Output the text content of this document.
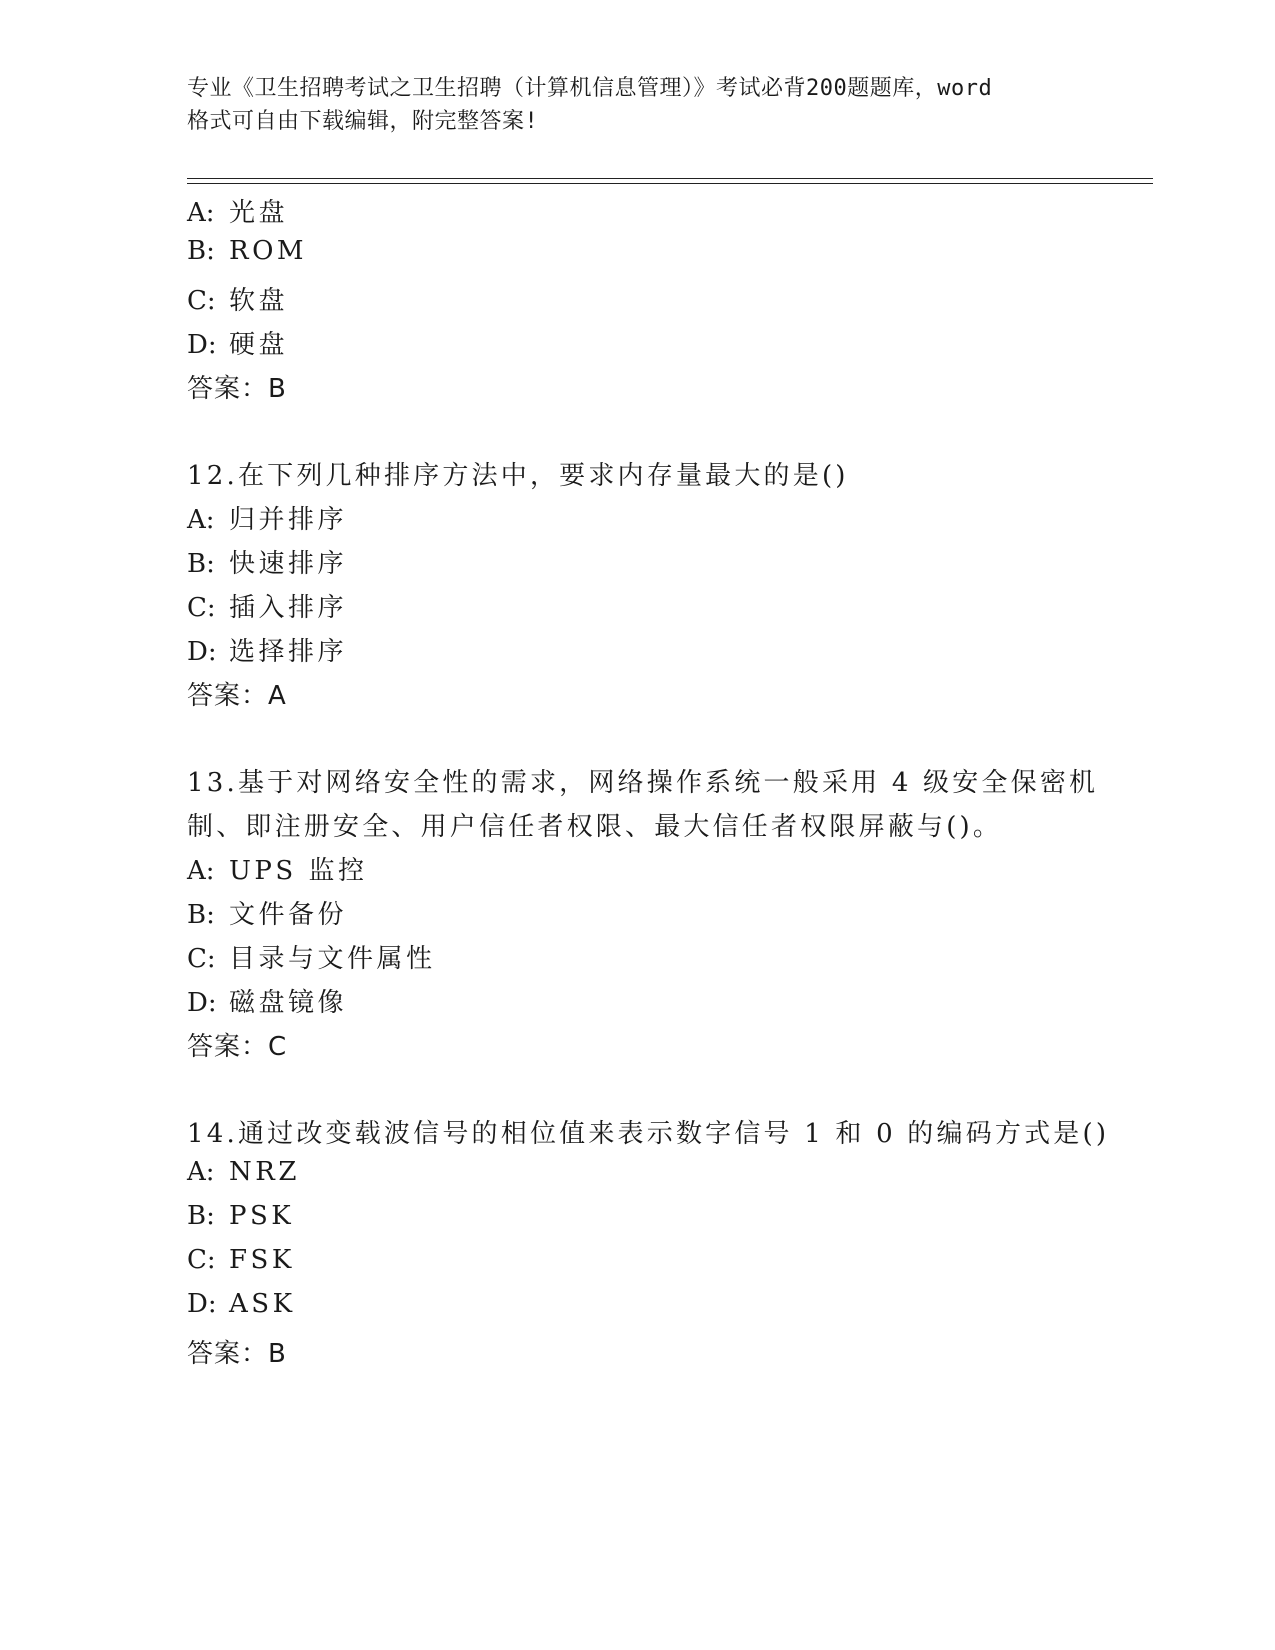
专业《卫生招聘考试之卫生招聘（计算机信息管理）》考试必背200题题库，word
格式可自由下载编辑，附完整答案!
A: 光盘
B: ROM
C: 软盘
D: 硬盘
答案：B
12.在下列几种排序方法中，要求内存量最大的是()
A: 归并排序
B: 快速排序
C: 插入排序
D: 选择排序
答案：A
13.基于对网络安全性的需求，网络操作系统一般采用 4 级安全保密机
制、即注册安全、用户信任者权限、最大信任者权限屏蔽与()。
A: UPS 监控
B: 文件备份
C: 目录与文件属性
D: 磁盘镜像
答案：C
14.通过改变载波信号的相位值来表示数字信号 1 和 0 的编码方式是()
A: NRZ
B: PSK
C: FSK
D: ASK
答案：B
